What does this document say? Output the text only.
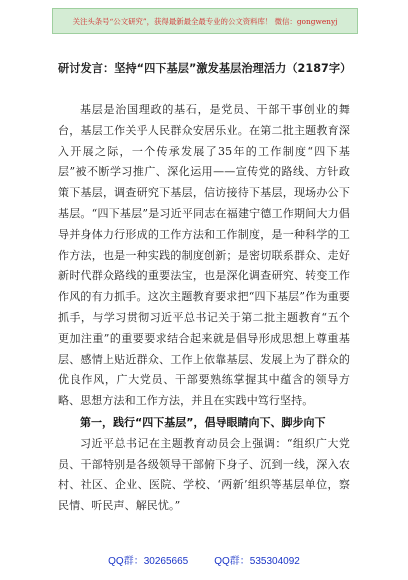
关注头条号“公文研究”，获得最新最全最专业的公文资料库！ 微信：gongwenyj
研讨发言：坚持“四下基层”激发基层治理活力（2187字）

基层是治国理政的基石，是党员、干部干事创业的舞台，基层工作关乎人民群众安居乐业。在第二批主题教育深入开展之际，一个传承发展了35年的工作制度“四下基层”被不断学习推广、深化运用——宣传党的路线、方针政策下基层，调查研究下基层，信访接待下基层，现场办公下基层。“四下基层”是习近平同志在福建宁德工作期间大力倡导并身体力行形成的工作方法和工作制度，是一种科学的工作方法，也是一种实践的制度创新；是密切联系群众、走好新时代群众路线的重要法宝，也是深化调查研究、转变工作作风的有力抓手。这次主题教育要求把“四下基层”作为重要抓手，与学习贯彻习近平总书记关于第二批主题教育“五个更加注重”的重要要求结合起来就是倡导形成思想上尊重基层、感情上贴近群众、工作上依靠基层、发展上为了群众的优良作风，广大党员、干部要熟练掌握其中蕴含的领导方略、思想方法和工作方法，并且在实践中笃行坚持。

第一，践行“四下基层”，倡导眼睛向下、脚步向下

习近平总书记在主题教育动员会上强调：“组织广大党员、干部特别是各级领导干部俯下身子、沉到一线，深入农村、社区、企业、医院、学校、‘两新’组织等基层单位，察民情、听民声、解民忧。”

QQ群：30265665	QQ群：535304092
